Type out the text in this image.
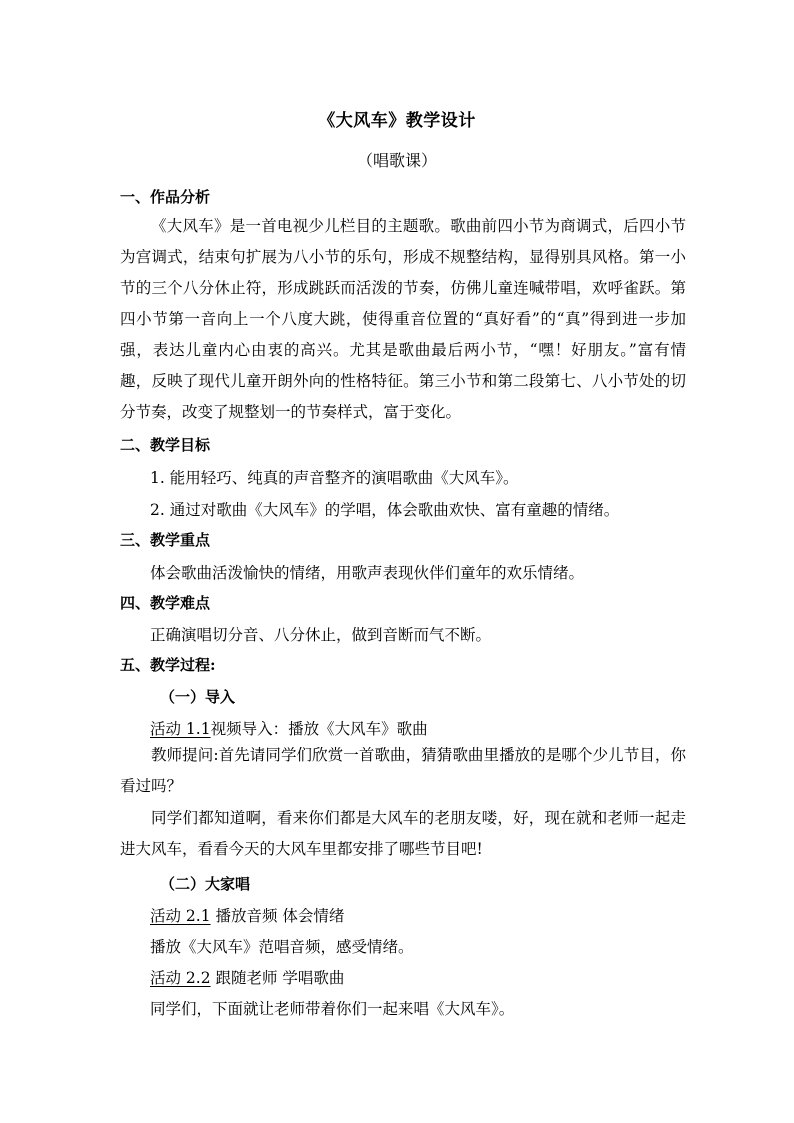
《大风车》教学设计
（唱歌课）
一、作品分析
《大风车》是一首电视少儿栏目的主题歌。歌曲前四小节为商调式，后四小节为宫调式，结束句扩展为八小节的乐句，形成不规整结构，显得别具风格。第一小节的三个八分休止符，形成跳跃而活泼的节奏，仿佛儿童连喊带唱，欢呼雀跃。第四小节第一音向上一个八度大跳，使得重音位置的“真好看”的“真”得到进一步加强，表达儿童内心由衷的高兴。尤其是歌曲最后两小节，“嘿！好朋友。”富有情趣，反映了现代儿童开朗外向的性格特征。第三小节和第二段第七、八小节处的切分节奏，改变了规整划一的节奏样式，富于变化。
二、教学目标
1. 能用轻巧、纯真的声音整齐的演唱歌曲《大风车》。
2. 通过对歌曲《大风车》的学唱，体会歌曲欢快、富有童趣的情绪。
三、教学重点
体会歌曲活泼愉快的情绪，用歌声表现伙伴们童年的欢乐情绪。
四、教学难点
正确演唱切分音、八分休止，做到音断而气不断。
五、教学过程:
（一）导入
活动 1.1视频导入：播放《大风车》歌曲
教师提问:首先请同学们欣赏一首歌曲，猜猜歌曲里播放的是哪个少儿节目，你看过吗？
同学们都知道啊，看来你们都是大风车的老朋友喽，好，现在就和老师一起走进大风车，看看今天的大风车里都安排了哪些节目吧!
（二）大家唱
活动 2.1 播放音频 体会情绪
播放《大风车》范唱音频，感受情绪。
活动 2.2 跟随老师 学唱歌曲
同学们，下面就让老师带着你们一起来唱《大风车》。
